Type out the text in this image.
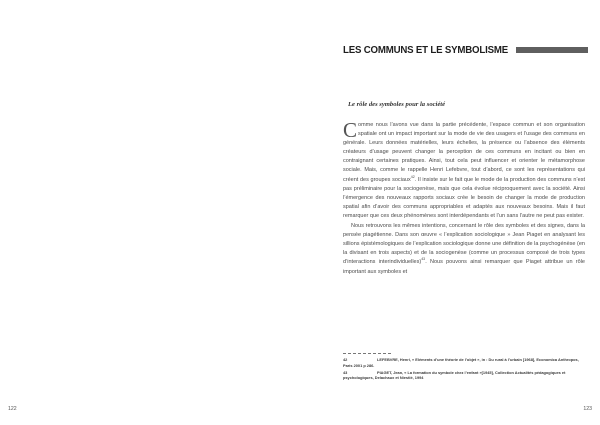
122
LES COMMUNS ET LE SYMBOLISME
Le rôle des symboles pour la société

Comme nous l’avons vue dans la partie précédente, l’espace commun et son organisation spatiale ont un impact important sur la mode de vie des usagers et l’usage des communs en générale. Leurs données matérielles, leurs échelles, la présence ou l’absence des éléments créateurs d’usage peuvent changer la perception de ces communs en incitant ou bien en contraignant certaines pratiques. Ainsi, tout cela peut influencer et orienter le métamorphose sociale. Mais, comme le rappelle Henri Lefebvre, tout d’abord, ce sont les représentations qui créent des groupes sociaux$^{42}$. Il insiste sur le fait que le mode de la production des communs n’est pas préliminaire pour la sociogenèse, mais que cela évolue réciproquement avec la société. Ainsi l’émergence des nouveaux rapports sociaux crée le besoin de changer la mode de production spatial afin d’avoir des communs appropriables et adaptés aux nouveaux besoins. Mais il faut remarquer que ces deux phénomènes sont interdépendants et l’un sans l’autre ne peut pas exister.

Nous retrouvons les mêmes intentions, concernant le rôle des symboles et des signes, dans la pensée piagétienne. Dans son œuvre « l’explication sociologique » Jean Piaget en analysant les sillions épistémologiques de l’explication sociologique donne une définition de la psychogénèse (en la divisant en trois aspects) et de la sociogenèse (comme un processus composé de trois types d’interactions interindividuelles)$^{43}$. Nous pouvons ainsi remarquer que Piaget attribue un rôle important aux symboles et

42	LEFEBVRE, Henri, « Eléments d’une théorie de l’objet », in : Du rural à l’urbain [1968], Economica Anthropos, Paris 2001 p 286.
43	PIAGET, Jean, « La formation du symbole chez l’enfant »[1945], Collection Actualités pédagogiques et psychologiques, Delachaux et Niestlé, 1994
123
